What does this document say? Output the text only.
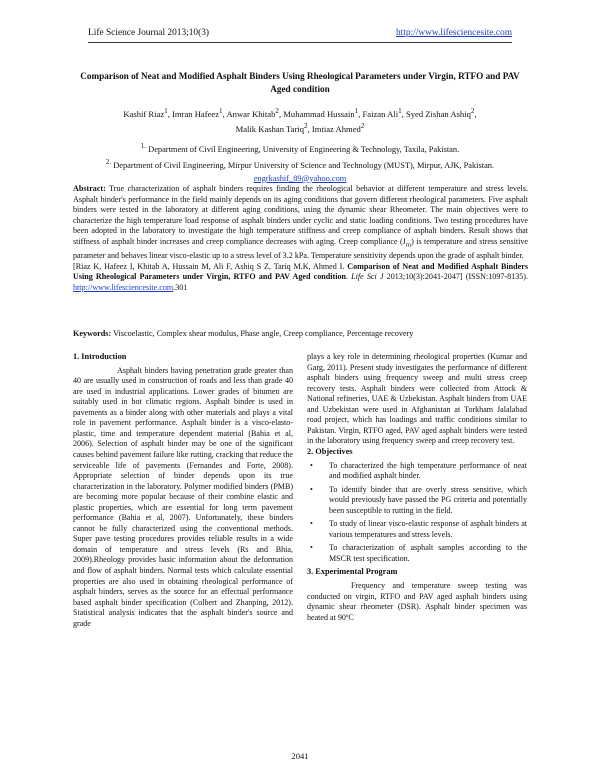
Life Science Journal 2013;10(3)	http://www.lifesciencesite.com
Comparison of Neat and Modified Asphalt Binders Using Rheological Parameters under Virgin, RTFO and PAV Aged condition
Kashif Riaz$^1$, Imran Hafeez$^1$, Anwar Khitab$^2$, Muhammad Hussain$^1$, Faizan Ali$^1$, Syed Zishan Ashiq$^2$,
Malik Kashan Tariq$^2$, Imtiaz Ahmed$^2$
$^{1.}$ Department of Civil Engineering, University of Engineering & Technology, Taxila, Pakistan.
$^{2.}$ Department of Civil Engineering, Mirpur University of Science and Technology (MUST), Mirpur, AJK, Pakistan.
engrkashif_89@yahoo.com

Abstract: True characterization of asphalt binders requires finding the rheological behavior at different temperature and stress levels. Asphalt binder's performance in the field mainly depends on its aging conditions that govern different rheological parameters. Five asphalt binders were tested in the laboratory at different aging conditions, using the dynamic shear Rheometer. The main objectives were to characterize the high temperature load response of asphalt binders under cyclic and static loading conditions. Two testing procedures have been adopted in the laboratory to investigate the high temperature stiffness and creep compliance of asphalt binders. Result shows that stiffness of asphalt binder increases and creep compliance decreases with aging. Creep compliance $(J_m)$ is temperature and stress sensitive parameter and behaves linear visco-elastic up to a stress level of 3.2 kPa. Temperature sensitivity depends upon the grade of asphalt binder.

[Riaz K, Hafeez I, Khitab A, Hussain M, Ali F, Ashiq S Z, Tariq M.K, Ahmed I. Comparison of Neat and Modified Asphalt Binders Using Rheological Parameters under Virgin, RTFO and PAV Aged condition. Life Sci J 2013;10(3):2041-2047] (ISSN:1097-8135). http://www.lifesciencesite.com.301

Keywords: Viscoelastic, Complex shear modulus, Phase angle, Creep compliance, Percentage recovery
1. Introduction

Asphalt binders having penetration grade greater than 40 are usually used in construction of roads and less than grade 40 are used in industrial applications. Lower grades of bitumen are suitably used in hot climatic regions. Asphalt binder is used in pavements as a binder along with other materials and plays a vital role in pavement performance. Asphalt binder is a visco-elasto-plastic, time and temperature dependent material (Bahia et al, 2006). Selection of asphalt binder may be one of the significant causes behind pavement failure like rutting, cracking that reduce the serviceable life of pavements (Fernandes and Forte, 2008). Appropriate selection of binder depends upon its true characterization in the laboratory. Polymer modified binders (PMB) are becoming more popular because of their combine elastic and plastic properties, which are essential for long term pavement performance (Bahia et al, 2007). Unfortunately, these binders cannot be fully characterized using the conventional methods. Super pave testing procedures provides reliable results in a wide domain of temperature and stress levels (Rs and Bhia, 2009).Rheology provides basic information about the deformation and flow of asphalt binders. Normal tests which calculate essential properties are also used in obtaining rheological performance of asphalt binders, serves as the source for an effectual performance based asphalt binder specification (Colbert and Zhanping, 2012). Statistical analysis indicates that the asphalt binder's source and grade

plays a key role in determining rheological properties (Kumar and Garg, 2011). Present study investigates the performance of different asphalt binders using frequency sweep and multi stress creep recovery tests. Asphalt binders were collected from Attock & National refineries, UAE & Uzbekistan. Asphalt binders from UAE and Uzbekistan were used in Afghanistan at Torkham Jalalabad road project, which has loadings and traffic conditions similar to Pakistan. Virgin, RTFO aged, PAV aged asphalt binders were tested in the laboratory using frequency sweep and creep recovery test.

2. Objectives
• To characterized the high temperature performance of neat and modified asphalt binder.
• To identify binder that are overly stress sensitive, which would previously have passed the PG criteria and potentially been susceptible to rutting in the field.
• To study of linear visco-elastic response of asphalt binders at various temperatures and stress levels.
• To characterization of asphalt samples according to the MSCR test specification.
3. Experimental Program

Frequency and temperature sweep testing was conducted on virgin, RTFO and PAV aged asphalt binders using dynamic shear rheometer (DSR). Asphalt binder specimen was heated at 90ºC

2041
